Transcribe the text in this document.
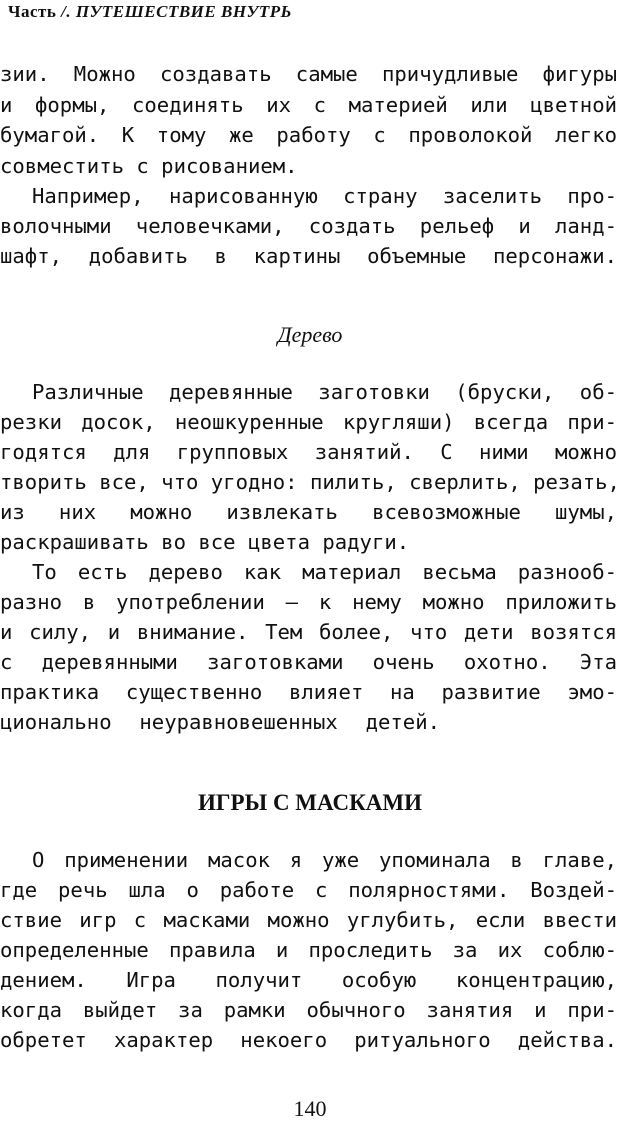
Часть /. ПУТЕШЕСТВИЕ ВНУТРЬ
зии. Можно создавать самые причудливые фигуры
и формы, соединять их с материей или цветной
бумагой. К тому же работу с проволокой легко
совместить с рисованием.
Например, нарисованную страну заселить про-
волочными человечками, создать рельеф и ланд-
шафт, добавить в картины объемные персонажи.
Дерево
Различные деревянные заготовки (бруски, об-
резки досок, неошкуренные кругляши) всегда при-
годятся для групповых занятий. С ними можно
творить все, что угодно: пилить, сверлить, резать,
из них можно извлекать всевозможные шумы,
раскрашивать во все цвета радуги.
То есть дерево как материал весьма разнооб-
разно в употреблении — к нему можно приложить
и силу, и внимание. Тем более, что дети возятся
с деревянными заготовками очень охотно. Эта
практика существенно влияет на развитие эмо-
ционально неуравновешенных детей.
ИГРЫ С МАСКАМИ
О применении масок я уже упоминала в главе,
где речь шла о работе с полярностями. Воздей-
ствие игр с масками можно углубить, если ввести
определенные правила и проследить за их соблю-
дением. Игра получит особую концентрацию,
когда выйдет за рамки обычного занятия и при-
обретет характер некоего ритуального действа.
140
